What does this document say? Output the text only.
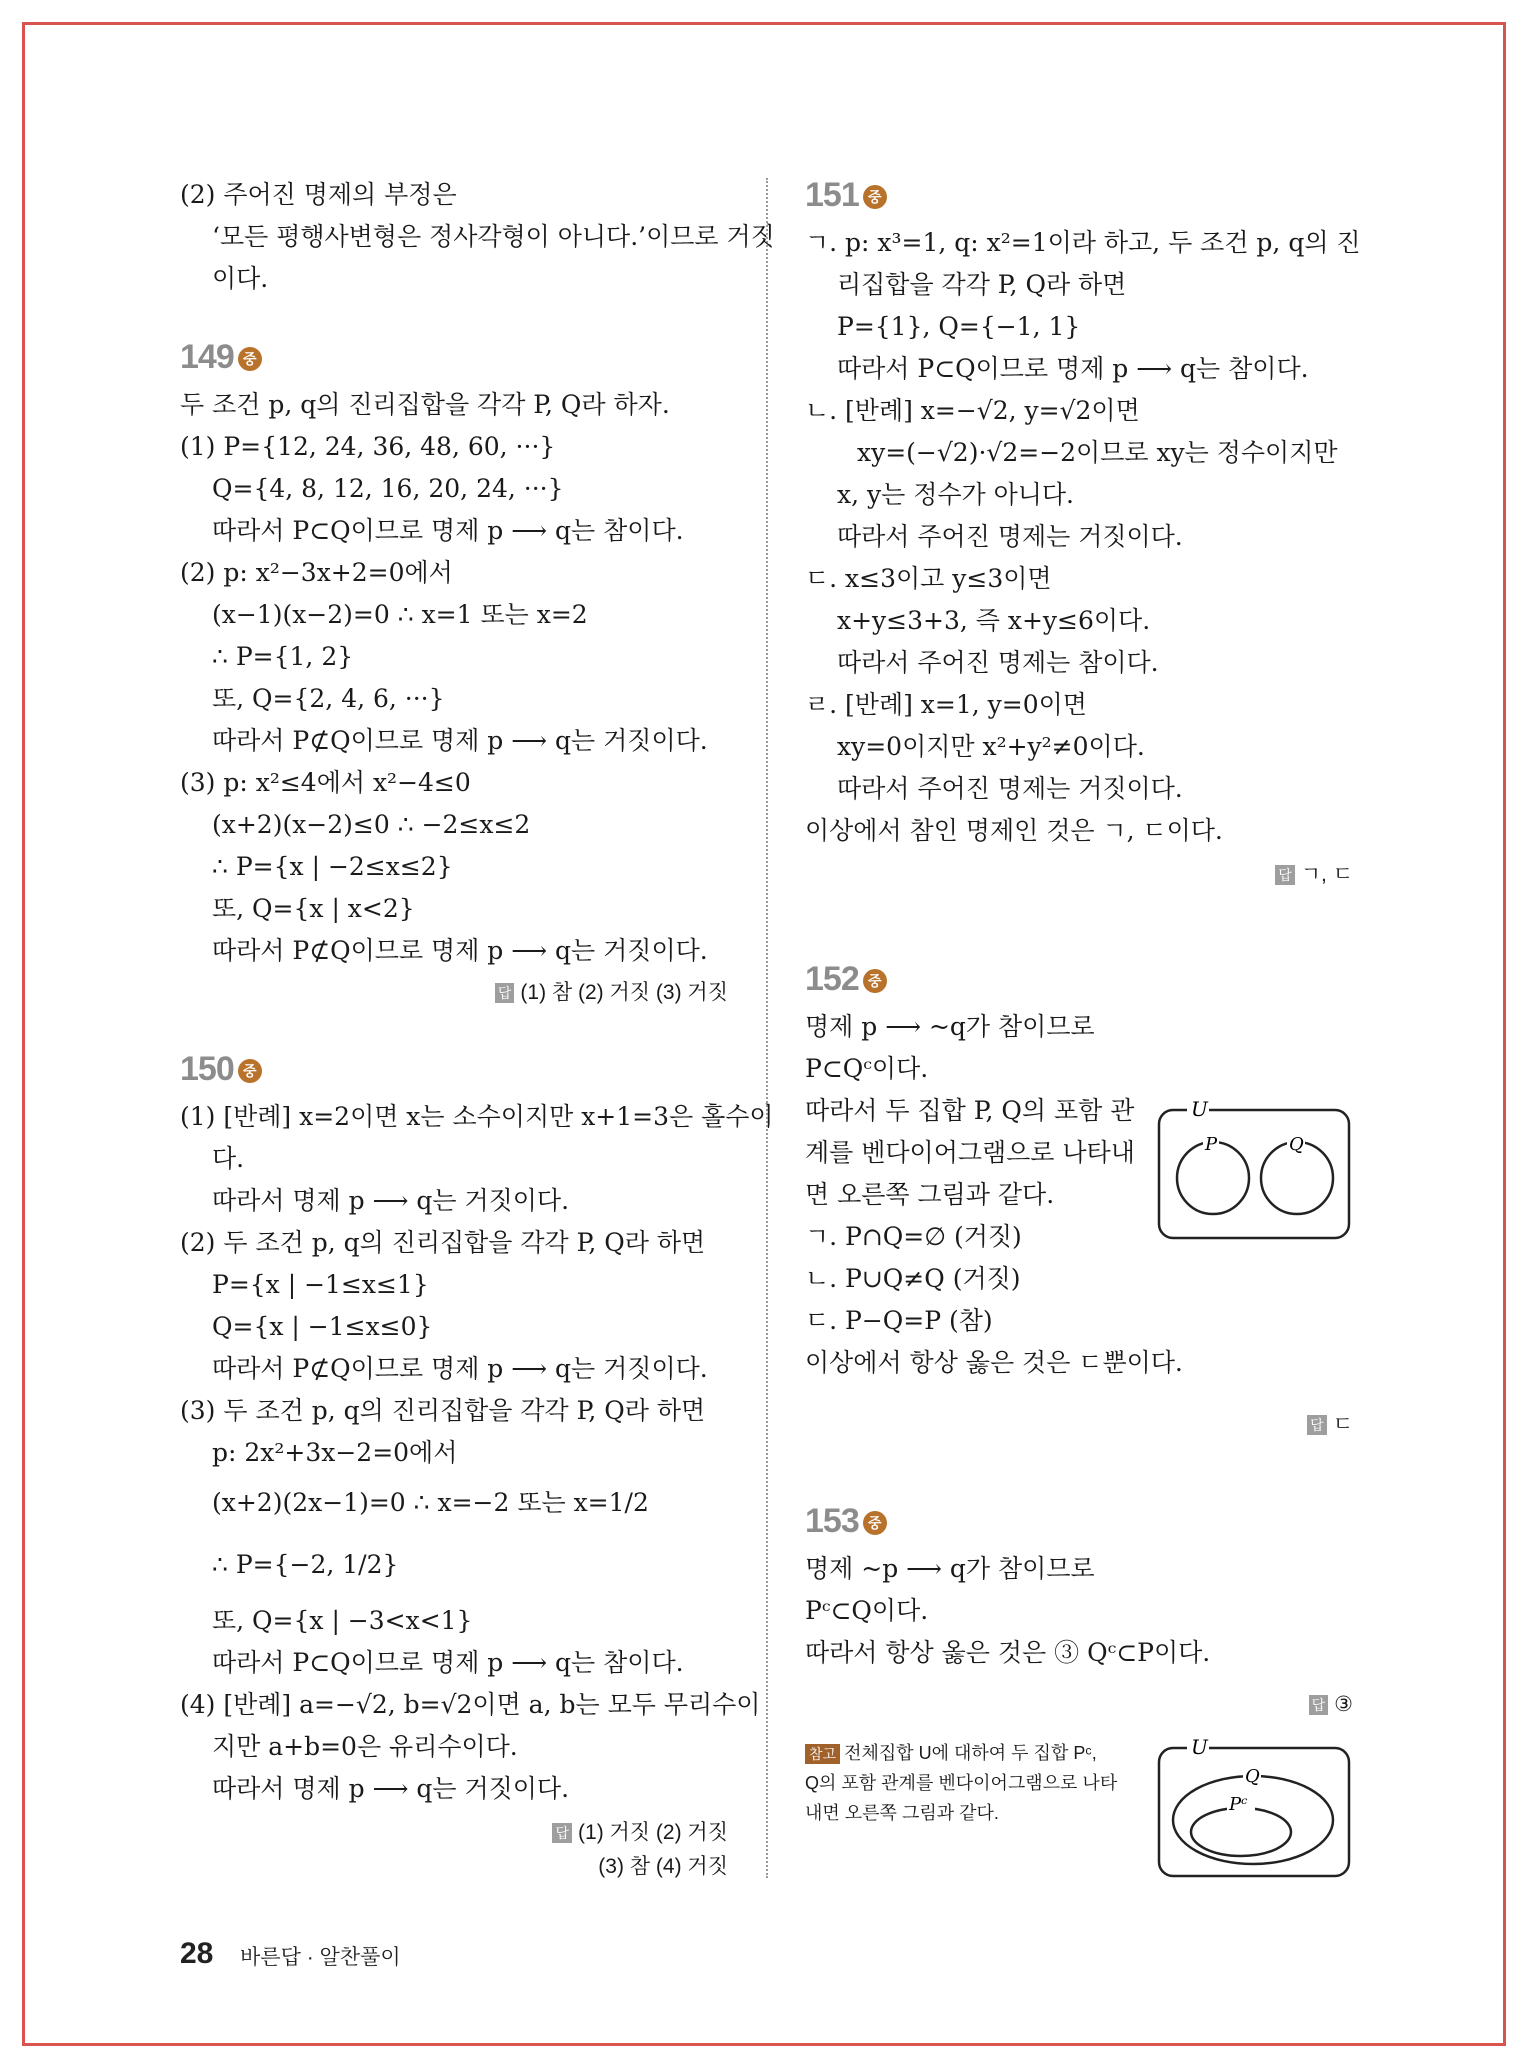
(2) 주어진 명제의 부정은
‘모든 평행사변형은 정사각형이 아니다.’이므로 거짓
이다.
149 중
두 조건 p, q의 진리집합을 각각 P, Q라 하자.
(1) P={12, 24, 36, 48, 60, ···}
Q={4, 8, 12, 16, 20, 24, ···}
따라서 P⊂Q이므로 명제 p ⟶ q는 참이다.
(2) p: x²−3x+2=0에서
(x−1)(x−2)=0 ∴ x=1 또는 x=2
∴ P={1, 2}
또, Q={2, 4, 6, ···}
따라서 P⊄Q이므로 명제 p ⟶ q는 거짓이다.
(3) p: x²≤4에서 x²−4≤0
(x+2)(x−2)≤0 ∴ −2≤x≤2
∴ P={x | −2≤x≤2}
또, Q={x | x<2}
따라서 P⊄Q이므로 명제 p ⟶ q는 거짓이다.
답 (1) 참 (2) 거짓 (3) 거짓
150 중
(1) [반례] x=2이면 x는 소수이지만 x+1=3은 홀수이
다.
따라서 명제 p ⟶ q는 거짓이다.
(2) 두 조건 p, q의 진리집합을 각각 P, Q라 하면
P={x | −1≤x≤1}
Q={x | −1≤x≤0}
따라서 P⊄Q이므로 명제 p ⟶ q는 거짓이다.
(3) 두 조건 p, q의 진리집합을 각각 P, Q라 하면
p: 2x²+3x−2=0에서
(x+2)(2x−1)=0 ∴ x=−2 또는 x=1/2
∴ P={−2, 1/2}
또, Q={x | −3<x<1}
따라서 P⊂Q이므로 명제 p ⟶ q는 참이다.
(4) [반례] a=−√2, b=√2이면 a, b는 모두 무리수이
지만 a+b=0은 유리수이다.
따라서 명제 p ⟶ q는 거짓이다.
답 (1) 거짓 (2) 거짓
(3) 참 (4) 거짓
151 중
ㄱ. p: x³=1, q: x²=1이라 하고, 두 조건 p, q의 진
리집합을 각각 P, Q라 하면
P={1}, Q={−1, 1}
따라서 P⊂Q이므로 명제 p ⟶ q는 참이다.
ㄴ. [반례] x=−√2, y=√2이면
xy=(−√2)·√2=−2이므로 xy는 정수이지만
x, y는 정수가 아니다.
따라서 주어진 명제는 거짓이다.
ㄷ. x≤3이고 y≤3이면
x+y≤3+3, 즉 x+y≤6이다.
따라서 주어진 명제는 참이다.
ㄹ. [반례] x=1, y=0이면
xy=0이지만 x²+y²≠0이다.
따라서 주어진 명제는 거짓이다.
이상에서 참인 명제인 것은 ㄱ, ㄷ이다.
답 ㄱ, ㄷ
152 중
명제 p ⟶ ~q가 참이므로
P⊂Qᶜ이다.
따라서 두 집합 P, Q의 포함 관
계를 벤다이어그램으로 나타내
면 오른쪽 그림과 같다.
ㄱ. P∩Q=∅ (거짓)
ㄴ. P∪Q≠Q (거짓)
ㄷ. P−Q=P (참)
이상에서 항상 옳은 것은 ㄷ뿐이다.
U
P	Q
답 ㄷ
153 중
명제 ~p ⟶ q가 참이므로
Pᶜ⊂Q이다.
따라서 항상 옳은 것은 ③ Qᶜ⊂P이다.
답 ③
참고 전체집합 U에 대하여 두 집합 Pᶜ,
Q의 포함 관계를 벤다이어그램으로 나타
내면 오른쪽 그림과 같다.
U
Q
Pᶜ
28 바른답 · 알찬풀이
